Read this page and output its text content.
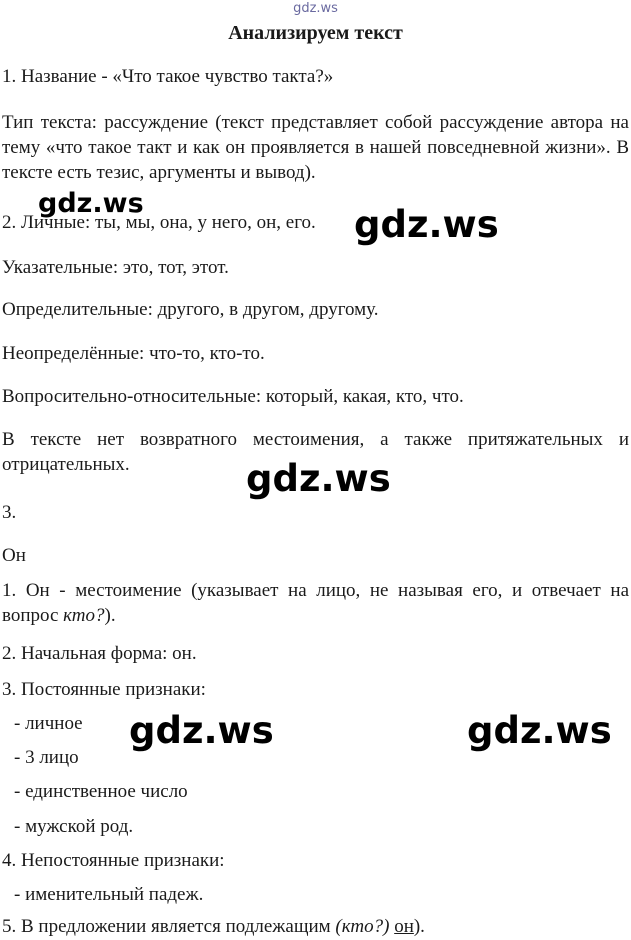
gdz.ws
Анализируем текст
1. Название - «Что такое чувство такта?»
Тип текста: рассуждение (текст представляет собой рассуждение автора на тему «что такое такт и как он проявляется в нашей повседневной жизни». В тексте есть тезис, аргументы и вывод).
2. Личные: ты, мы, она, у него, он, его.
Указательные: это, тот, этот.
Определительные: другого, в другом, другому.
Неопределённые: что-то, кто-то.
Вопросительно-относительные: который, какая, кто, что.
В тексте нет возвратного местоимения, а также притяжательных и отрицательных.
3.
Он
1. Он - местоимение (указывает на лицо, не называя его, и отвечает на вопрос кто?).
2. Начальная форма: он.
3. Постоянные признаки:
- личное
- 3 лицо
- единственное число
- мужской род.
4. Непостоянные признаки:
- именительный падеж.
5. В предложении является подлежащим (кто?) он).
gdz.ws	gdz.ws
gdz.ws
gdz.ws	gdz.ws
